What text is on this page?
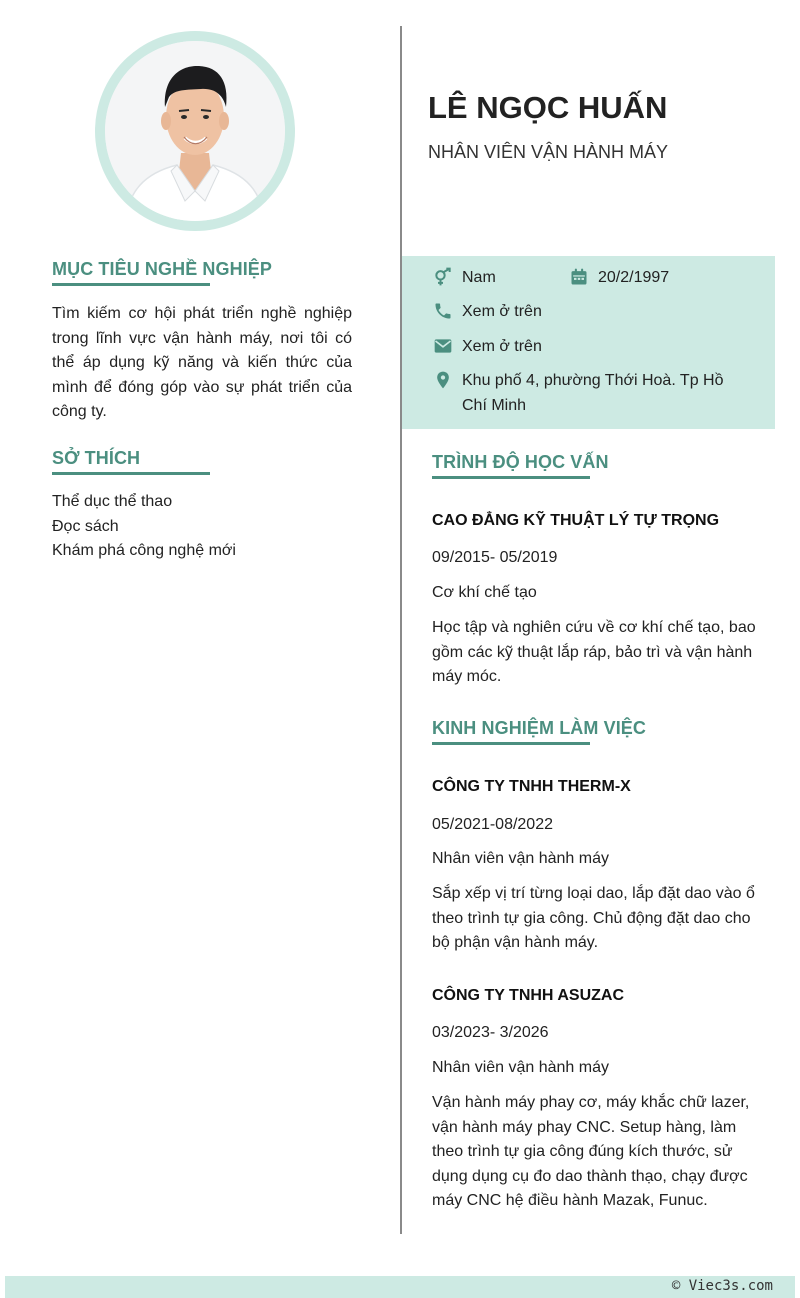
MỤC TIÊU NGHỀ NGHIỆP

Tìm kiếm cơ hội phát triển nghề nghiệp trong lĩnh vực vận hành máy, nơi tôi có thể áp dụng kỹ năng và kiến thức của mình để đóng góp vào sự phát triển của công ty.

SỞ THÍCH
Thể dục thể thao
Đọc sách
Khám phá công nghệ mới
LÊ NGỌC HUẤN
NHÂN VIÊN VẬN HÀNH MÁY
Nam	20/2/1997
Xem ở trên
Xem ở trên
Khu phố 4, phường Thới Hoà. Tp Hồ Chí Minh
TRÌNH ĐỘ HỌC VẤN
CAO ĐẲNG KỸ THUẬT LÝ TỰ TRỌNG
09/2015- 05/2019
Cơ khí chế tạo

Học tập và nghiên cứu về cơ khí chế tạo, bao gồm các kỹ thuật lắp ráp, bảo trì và vận hành máy móc.

KINH NGHIỆM LÀM VIỆC
CÔNG TY TNHH THERM-X
05/2021-08/2022
Nhân viên vận hành máy

Sắp xếp vị trí từng loại dao, lắp đặt dao vào ổ theo trình tự gia công. Chủ động đặt dao cho bộ phận vận hành máy.

CÔNG TY TNHH ASUZAC
03/2023- 3/2026
Nhân viên vận hành máy

Vận hành máy phay cơ, máy khắc chữ lazer, vận hành máy phay CNC. Setup hàng, làm theo trình tự gia công đúng kích thước, sử dụng dụng cụ đo dao thành thạo, chạy được máy CNC hệ điều hành Mazak, Funuc.

© Viec3s.com
